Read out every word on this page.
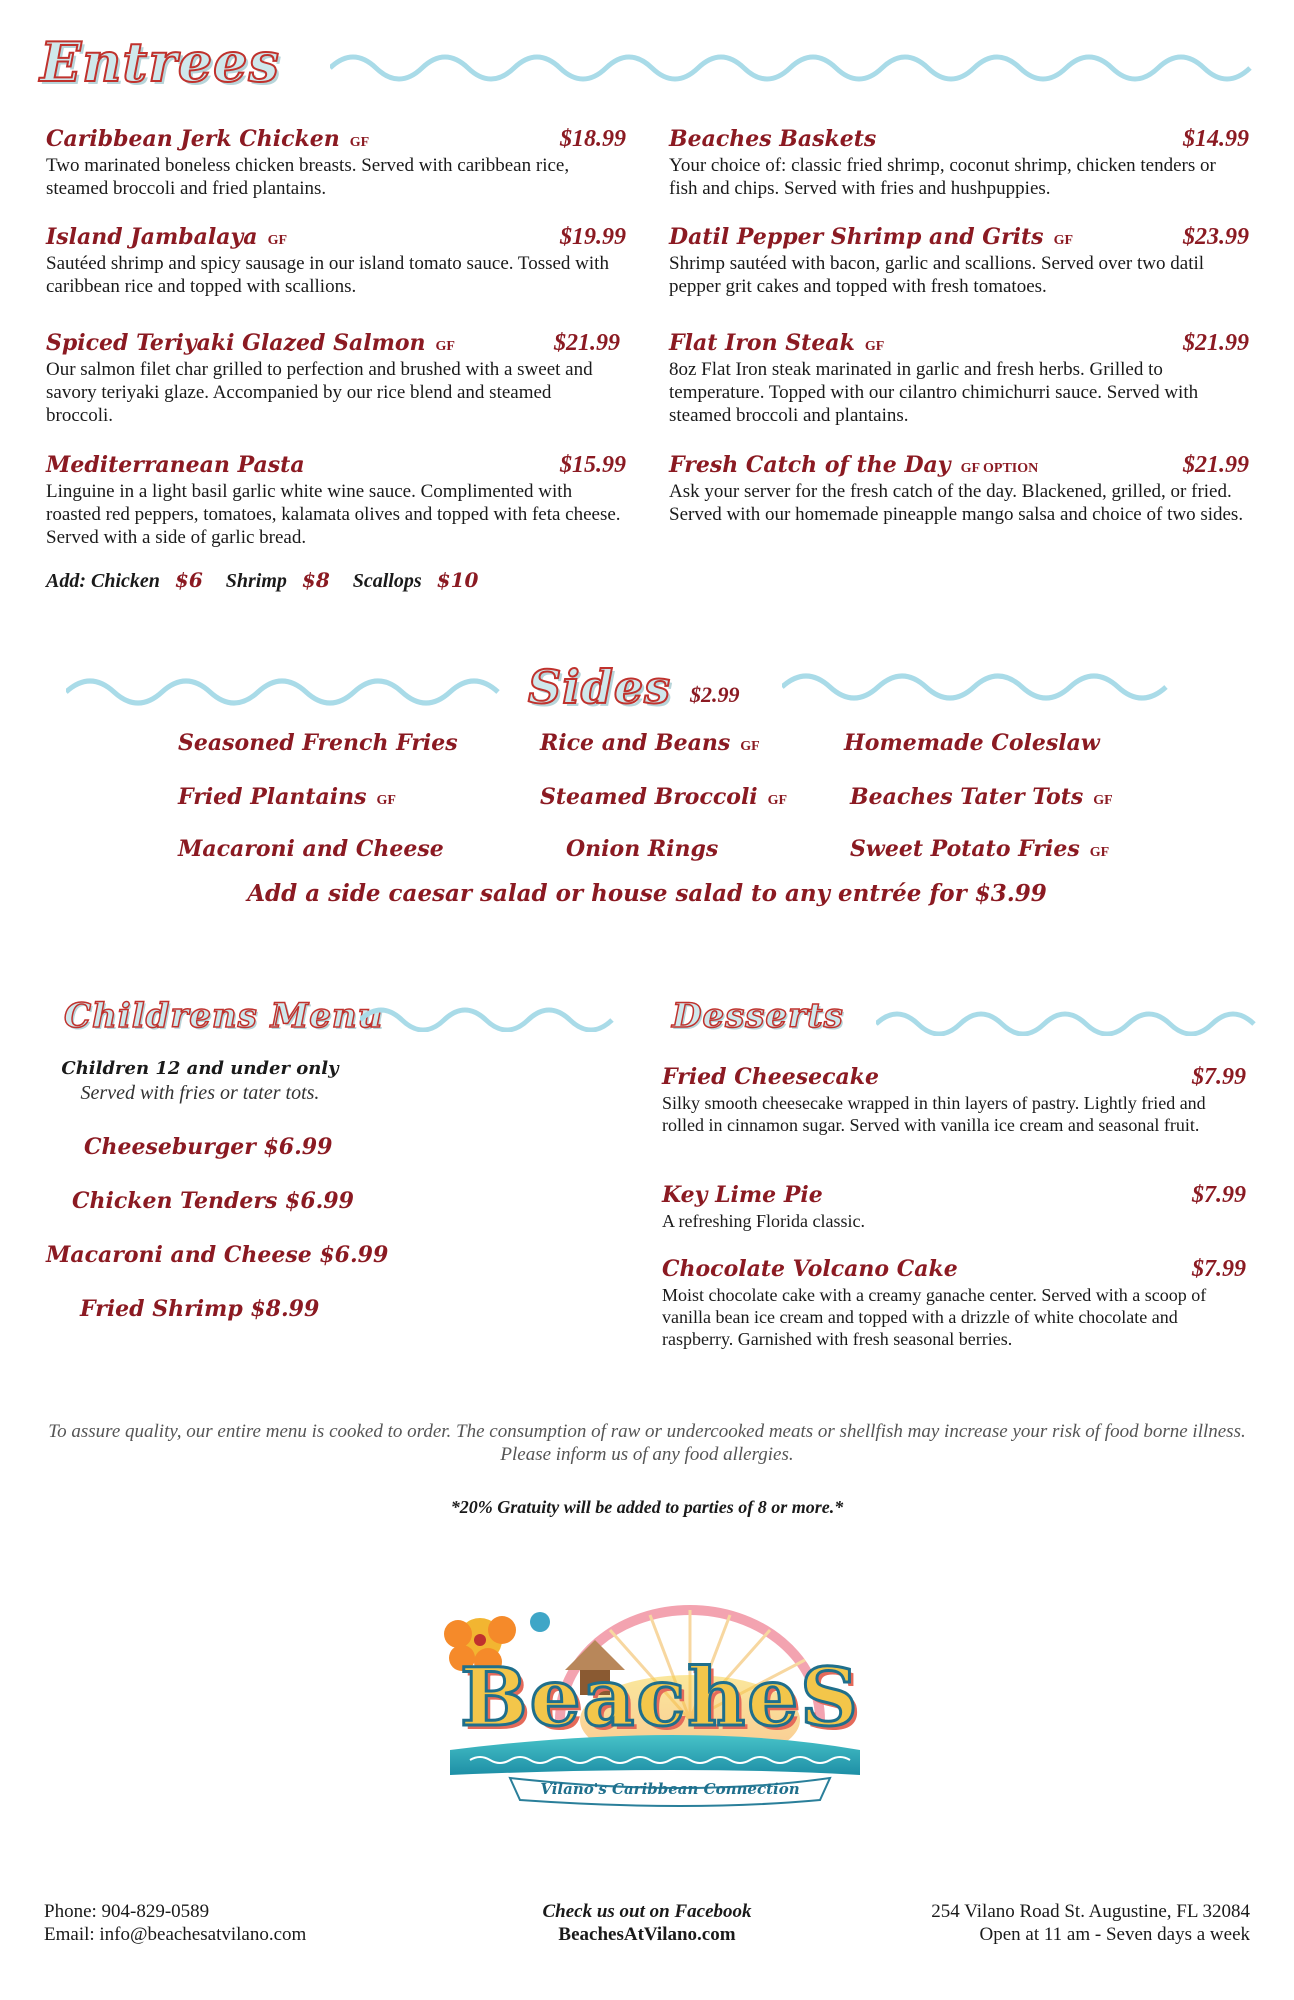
Entrees
Caribbean Jerk Chicken GF	$18.99
Two marinated boneless chicken breasts. Served with caribbean rice, steamed broccoli and fried plantains.
Island Jambalaya GF	$19.99
Sautéed shrimp and spicy sausage in our island tomato sauce. Tossed with caribbean rice and topped with scallions.
Spiced Teriyaki Glazed Salmon GF	$21.99
Our salmon filet char grilled to perfection and brushed with a sweet and savory teriyaki glaze. Accompanied by our rice blend and steamed broccoli.
Mediterranean Pasta	$15.99
Linguine in a light basil garlic white wine sauce. Complimented with roasted red peppers, tomatoes, kalamata olives and topped with feta cheese. Served with a side of garlic bread.
Add: Chicken $6 Shrimp $8 Scallops $10
Beaches Baskets	$14.99
Your choice of: classic fried shrimp, coconut shrimp, chicken tenders or fish and chips. Served with fries and hushpuppies.
Datil Pepper Shrimp and Grits GF	$23.99
Shrimp sautéed with bacon, garlic and scallions. Served over two datil pepper grit cakes and topped with fresh tomatoes.
Flat Iron Steak GF	$21.99
8oz Flat Iron steak marinated in garlic and fresh herbs. Grilled to temperature. Topped with our cilantro chimichurri sauce. Served with steamed broccoli and plantains.
Fresh Catch of the Day GF OPTION	$21.99
Ask your server for the fresh catch of the day. Blackened, grilled, or fried. Served with our homemade pineapple mango salsa and choice of two sides.
Sides $2.99
Seasoned French Fries	Rice and Beans GF	Homemade Coleslaw
Fried Plantains GF	Steamed Broccoli GF	Beaches Tater Tots GF
Macaroni and Cheese	Onion Rings	Sweet Potato Fries GF
Add a side caesar salad or house salad to any entrée for $3.99
Childrens Menu
Children 12 and under only
Served with fries or tater tots.
Cheeseburger $6.99
Chicken Tenders $6.99
Macaroni and Cheese $6.99
Fried Shrimp $8.99
Desserts
Fried Cheesecake	$7.99
Silky smooth cheesecake wrapped in thin layers of pastry. Lightly fried and rolled in cinnamon sugar. Served with vanilla ice cream and seasonal fruit.
Key Lime Pie	$7.99
A refreshing Florida classic.
Chocolate Volcano Cake	$7.99
Moist chocolate cake with a creamy ganache center. Served with a scoop of vanilla bean ice cream and topped with a drizzle of white chocolate and raspberry. Garnished with fresh seasonal berries.
To assure quality, our entire menu is cooked to order. The consumption of raw or undercooked meats or shellfish may increase your risk of food borne illness. Please inform us of any food allergies.
*20% Gratuity will be added to parties of 8 or more.*
BeacheS
Vilano's Caribbean Connection
Phone: 904-829-0589
Email: info@beachesatvilano.com
Check us out on Facebook
BeachesAtVilano.com
254 Vilano Road St. Augustine, FL 32084
Open at 11 am - Seven days a week
